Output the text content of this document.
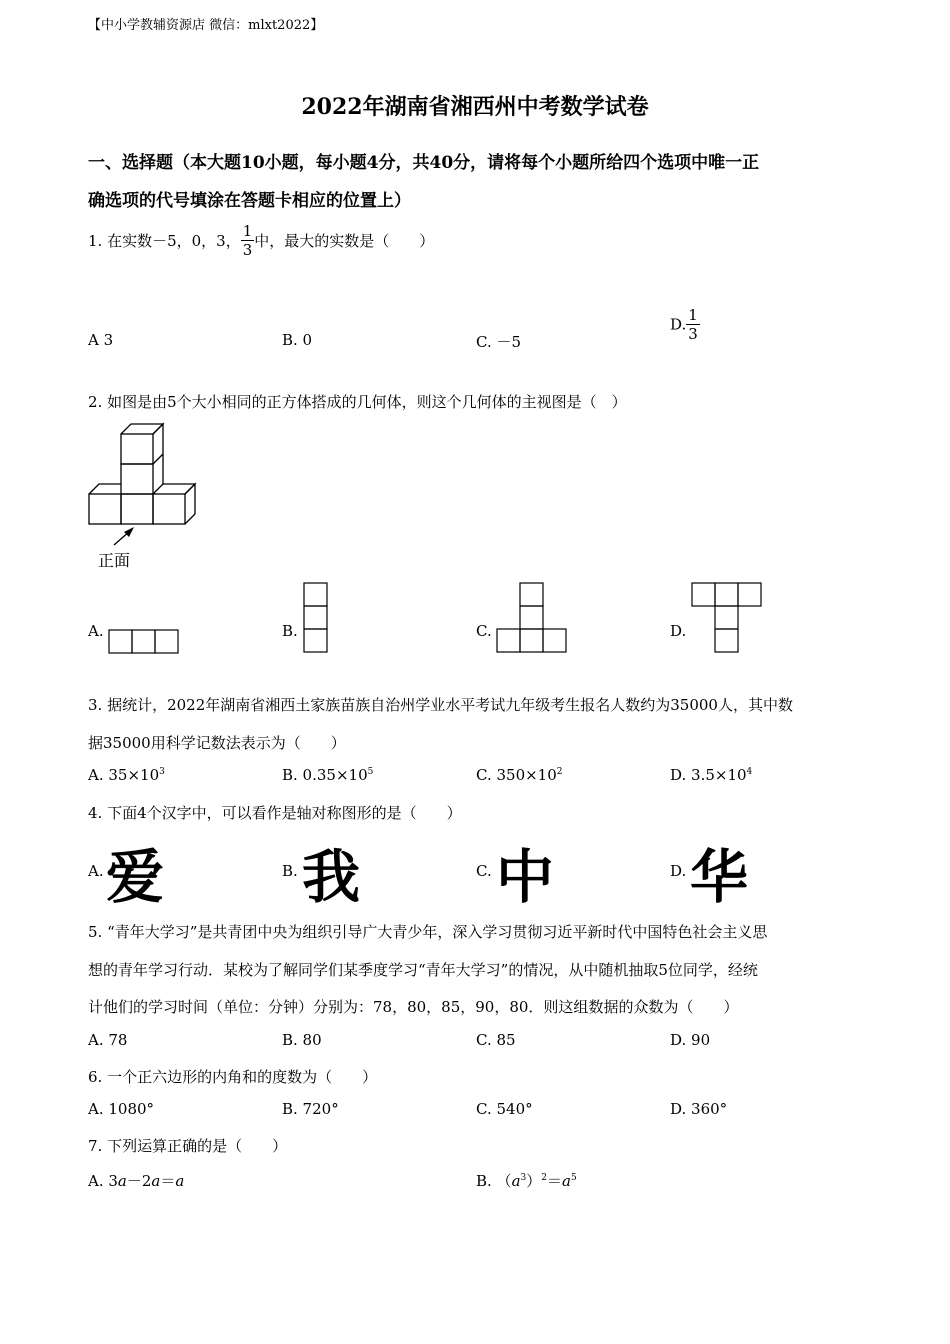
【中小学教辅资源店 微信：mlxt2022】
2022年湖南省湘西州中考数学试卷
一、选择题（本大题10小题，每小题4分，共40分，请将每个小题所给四个选项中唯一正
确选项的代号填涂在答题卡相应的位置上）
1. 在实数－5，0，3， $\frac{1}{3}$ 中，最大的实数是（　　）
A 3	B. 0	C. －5
D. $\frac{1}{3}$
2. 如图是由5个大小相同的正方体搭成的几何体，则这个几何体的主视图是（　）
正面
A.	B.	C.	D.
3. 据统计，2022年湖南省湘西土家族苗族自治州学业水平考试九年级考生报名人数约为35000人，其中数
据35000用科学记数法表示为（　　）
A. $35\times 10^3$	B. $0.35\times 10^5$	C. $350\times 10^2$	D. $3.5\times 10^4$
4. 下面4个汉字中，可以看作是轴对称图形的是（　　）
A. 爱	B. 我	C. 中	D. 华
5. “青年大学习”是共青团中央为组织引导广大青少年，深入学习贯彻习近平新时代中国特色社会主义思
想的青年学习行动．某校为了解同学们某季度学习“青年大学习”的情况，从中随机抽取5位同学，经统
计他们的学习时间（单位：分钟）分别为：78，80，85，90，80．则这组数据的众数为（　　）
A. 78	B. 80	C. 85	D. 90
6. 一个正六边形的内角和的度数为（　　）
A. 1080°	B. 720°	C. 540°	D. 360°
7. 下列运算正确的是（　　）
A. 3a－2a＝a	B. $(a^3)^2=a^5$
